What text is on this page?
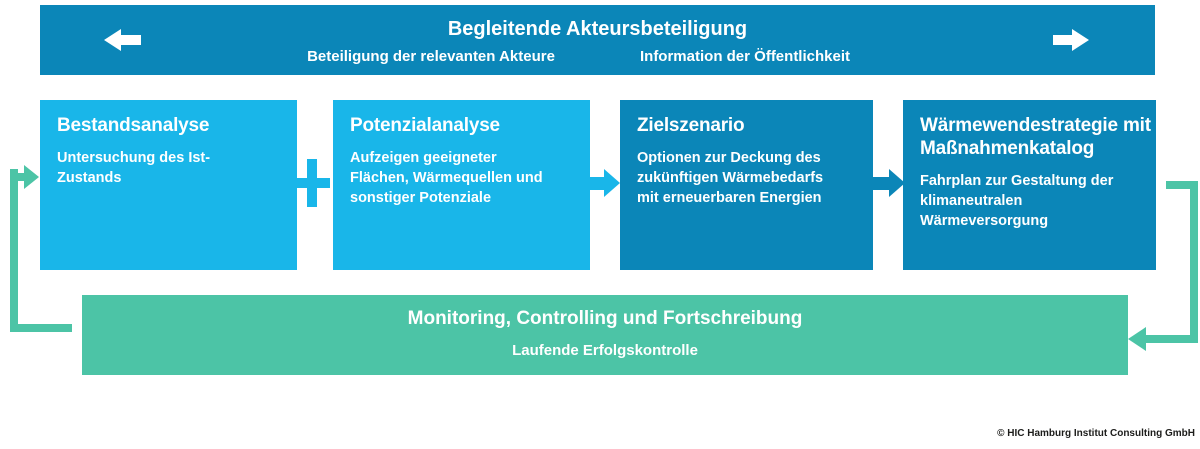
Begleitende Akteursbeteiligung
Beteiligung der relevanten Akteure	Information der Öffentlichkeit
Bestandsanalyse

Untersuchung des Ist-Zustands

Potenzialanalyse

Aufzeigen geeigneter Flächen, Wärmequellen und sonstiger Potenziale

Zielszenario

Optionen zur Deckung des zukünftigen Wärmebedarfs mit erneuerbaren Energien

Wärmewendestrategie mit Maßnahmenkatalog

Fahrplan zur Gestaltung der klimaneutralen Wärmeversorgung

Monitoring, Controlling und Fortschreibung

Laufende Erfolgskontrolle

© HIC Hamburg Institut Consulting GmbH
